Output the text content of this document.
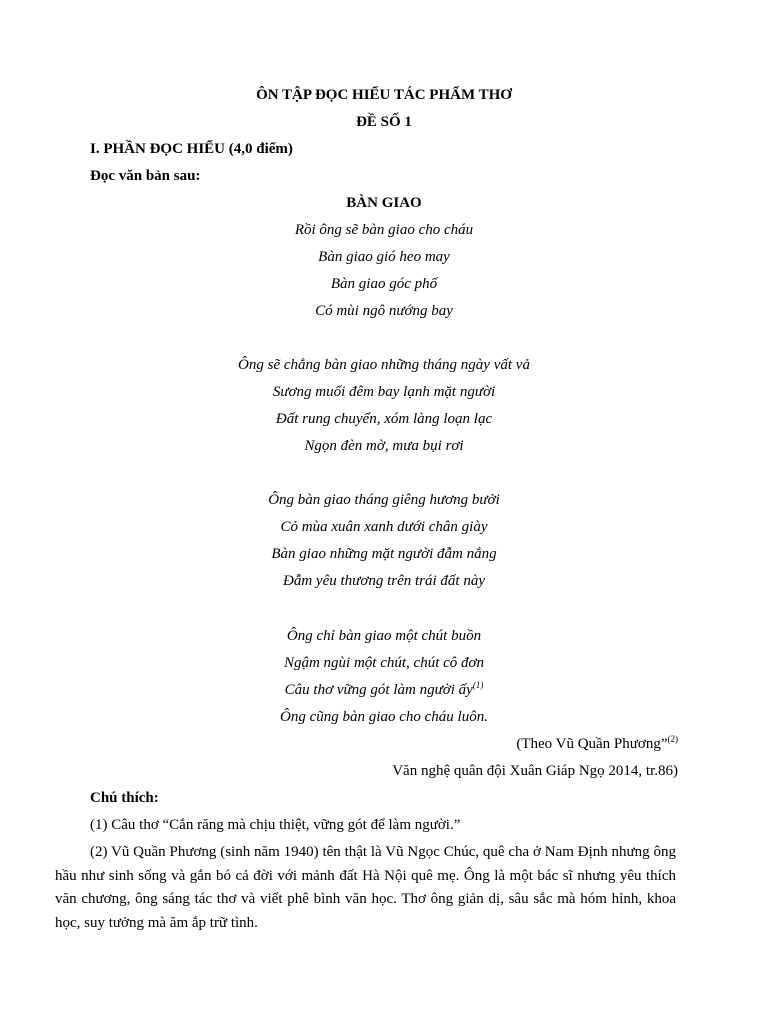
ÔN TẬP ĐỌC HIỂU TÁC PHẨM THƠ
ĐỀ SỐ 1
I. PHẦN ĐỌC HIỂU (4,0 điểm)
Đọc văn bản sau:
BÀN GIAO
Rồi ông sẽ bàn giao cho cháu
Bàn giao gió heo may
Bàn giao góc phố
Có mùi ngô nướng bay
Ông sẽ chẳng bàn giao những tháng ngày vất vả
Sương muối đêm bay lạnh mặt người
Đất rung chuyển, xóm làng loạn lạc
Ngọn đèn mờ, mưa bụi rơi
Ông bàn giao tháng giêng hương bưởi
Cỏ mùa xuân xanh dưới chân giày
Bàn giao những mặt người đẫm nắng
Đẫm yêu thương trên trái đất này
Ông chỉ bàn giao một chút buồn
Ngậm ngùi một chút, chút cô đơn
Câu thơ vững gót làm người ấy$^{(1)}$
Ông cũng bàn giao cho cháu luôn.
(Theo Vũ Quần Phương”$^{(2)}$
Văn nghệ quân đội Xuân Giáp Ngọ 2014, tr.86)
Chú thích:
(1) Câu thơ “Cắn răng mà chịu thiệt, vững gót để làm người.”
(2) Vũ Quần Phương (sinh năm 1940) tên thật là Vũ Ngọc Chúc, quê cha ở Nam Định nhưng ông hầu như sinh sống và gắn bó cả đời với mảnh đất Hà Nội quê mẹ. Ông là một bác sĩ nhưng yêu thích văn chương, ông sáng tác thơ và viết phê bình văn học. Thơ ông giản dị, sâu sắc mà hóm hỉnh, khoa học, suy tưởng mà ăm ắp trữ tình.
